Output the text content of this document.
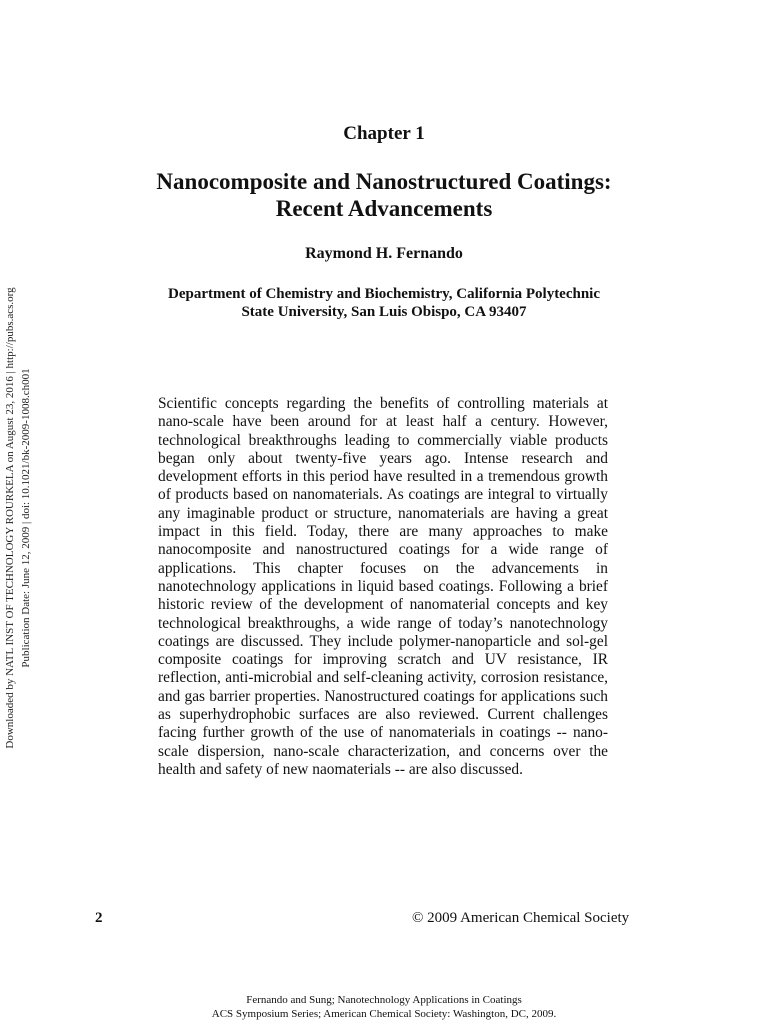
Chapter 1
Nanocomposite and Nanostructured Coatings:
Recent Advancements
Raymond H. Fernando
Department of Chemistry and Biochemistry, California Polytechnic
State University, San Luis Obispo, CA 93407
Scientific concepts regarding the benefits of controlling materials at nano-scale have been around for at least half a century. However, technological breakthroughs leading to commercially viable products began only about twenty-five years ago. Intense research and development efforts in this period have resulted in a tremendous growth of products based on nanomaterials. As coatings are integral to virtually any imaginable product or structure, nanomaterials are having a great impact in this field. Today, there are many approaches to make nanocomposite and nanostructured coatings for a wide range of applications. This chapter focuses on the advancements in nanotechnology applications in liquid based coatings. Following a brief historic review of the development of nanomaterial concepts and key technological breakthroughs, a wide range of today’s nanotechnology coatings are discussed. They include polymer-nanoparticle and sol-gel composite coatings for improving scratch and UV resistance, IR reflection, anti-microbial and self-cleaning activity, corrosion resistance, and gas barrier properties. Nanostructured coatings for applications such as superhydrophobic surfaces are also reviewed. Current challenges facing further growth of the use of nanomaterials in coatings -- nano-scale dispersion, nano-scale characterization, and concerns over the health and safety of new naomaterials -- are also discussed.
2	© 2009 American Chemical Society
Fernando and Sung; Nanotechnology Applications in Coatings
ACS Symposium Series; American Chemical Society: Washington, DC, 2009.
Downloaded by NATL INST OF TECHNOLOGY ROURKELA on August 23, 2016 | http://pubs.acs.org Publication Date: June 12, 2009 | doi: 10.1021/bk-2009-1008.ch001
